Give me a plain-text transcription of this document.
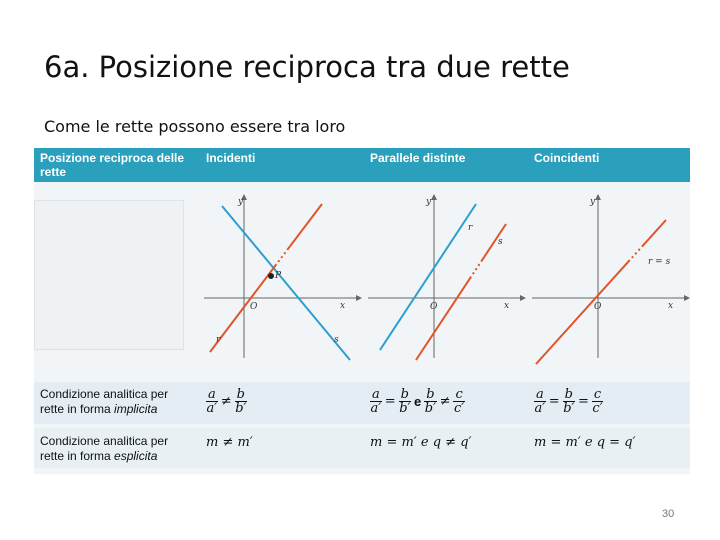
6a. Posizione reciproca tra due rette
Come le rette possono essere tra loro
Posizione reciproca delle rette
Incidenti	Parallele distinte	Coincidenti
y
x
O
P
r	s
y
x
O
r
s
y
x
O
r = s
Condizione analitica per
rette in forma implicita	$\frac{a}{a'} \ne \frac{b}{b'}$	$\frac{a}{a'} = \frac{b}{b'}$ e $\frac{b}{b'} \ne \frac{c}{c'}$	$\frac{a}{a'} = \frac{b}{b'} = \frac{c}{c'}$
Condizione analitica per
rette in forma esplicita
m ≠ m′	m = m′ e q ≠ q′	m = m′ e q = q′
30
